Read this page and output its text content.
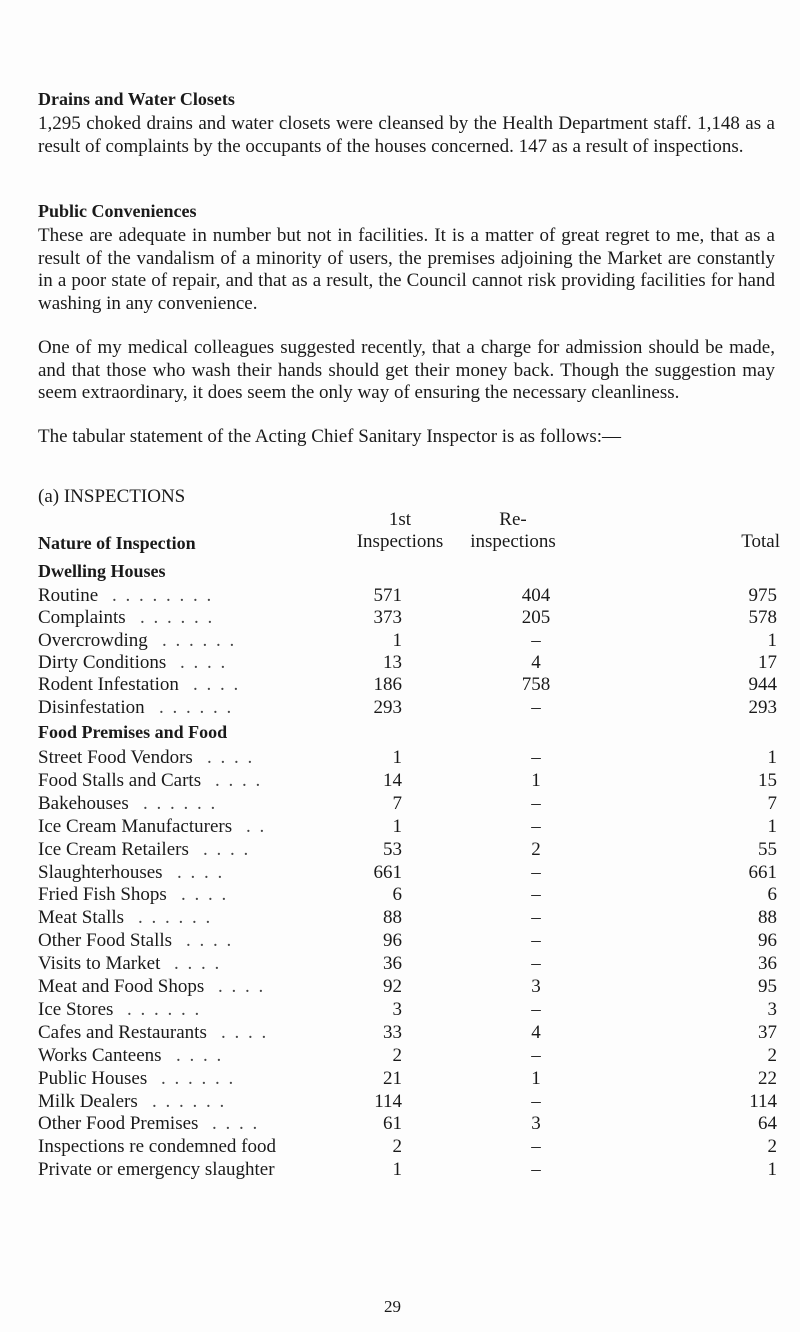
Drains and Water Closets

1,295 choked drains and water closets were cleansed by the Health Department staff. 1,148 as a result of complaints by the occupants of the houses concerned. 147 as a result of inspections.

Public Conveniences

These are adequate in number but not in facilities. It is a matter of great regret to me, that as a result of the vandalism of a minority of users, the premises adjoining the Market are constantly in a poor state of repair, and that as a result, the Council cannot risk providing facilities for hand washing in any convenience.

One of my medical colleagues suggested recently, that a charge for admission should be made, and that those who wash their hands should get their money back. Though the suggestion may seem extraordinary, it does seem the only way of ensuring the necessary cleanliness.

The tabular statement of the Acting Chief Sanitary Inspector is as follows:—

(a) INSPECTIONS
1st
Inspections
Re-
inspections	Total
Nature of Inspection
Dwelling Houses
Routine . . . . . . . .	571	404	975
Complaints . . . . . .	373	205	578
Overcrowding . . . . . .	1	–	1
Dirty Conditions . . . .	13	4	17
Rodent Infestation . . . .	186	758	944
Disinfestation . . . . . .	293	–	293
Food Premises and Food
Street Food Vendors . . . .	1	–	1
Food Stalls and Carts . . . .	14	1	15
Bakehouses . . . . . .	7	–	7
Ice Cream Manufacturers . .	1	–	1
Ice Cream Retailers . . . .	53	2	55
Slaughterhouses . . . .	661	–	661
Fried Fish Shops . . . .	6	–	6
Meat Stalls . . . . . .	88	–	88
Other Food Stalls . . . .	96	–	96
Visits to Market . . . .	36	–	36
Meat and Food Shops . . . .	92	3	95
Ice Stores . . . . . .	3	–	3
Cafes and Restaurants . . . .	33	4	37
Works Canteens . . . .	2	–	2
Public Houses . . . . . .	21	1	22
Milk Dealers . . . . . .	114	–	114
Other Food Premises . . . .	61	3	64
Inspections re condemned food	2	–	2
Private or emergency slaughter	1	–	1
29
